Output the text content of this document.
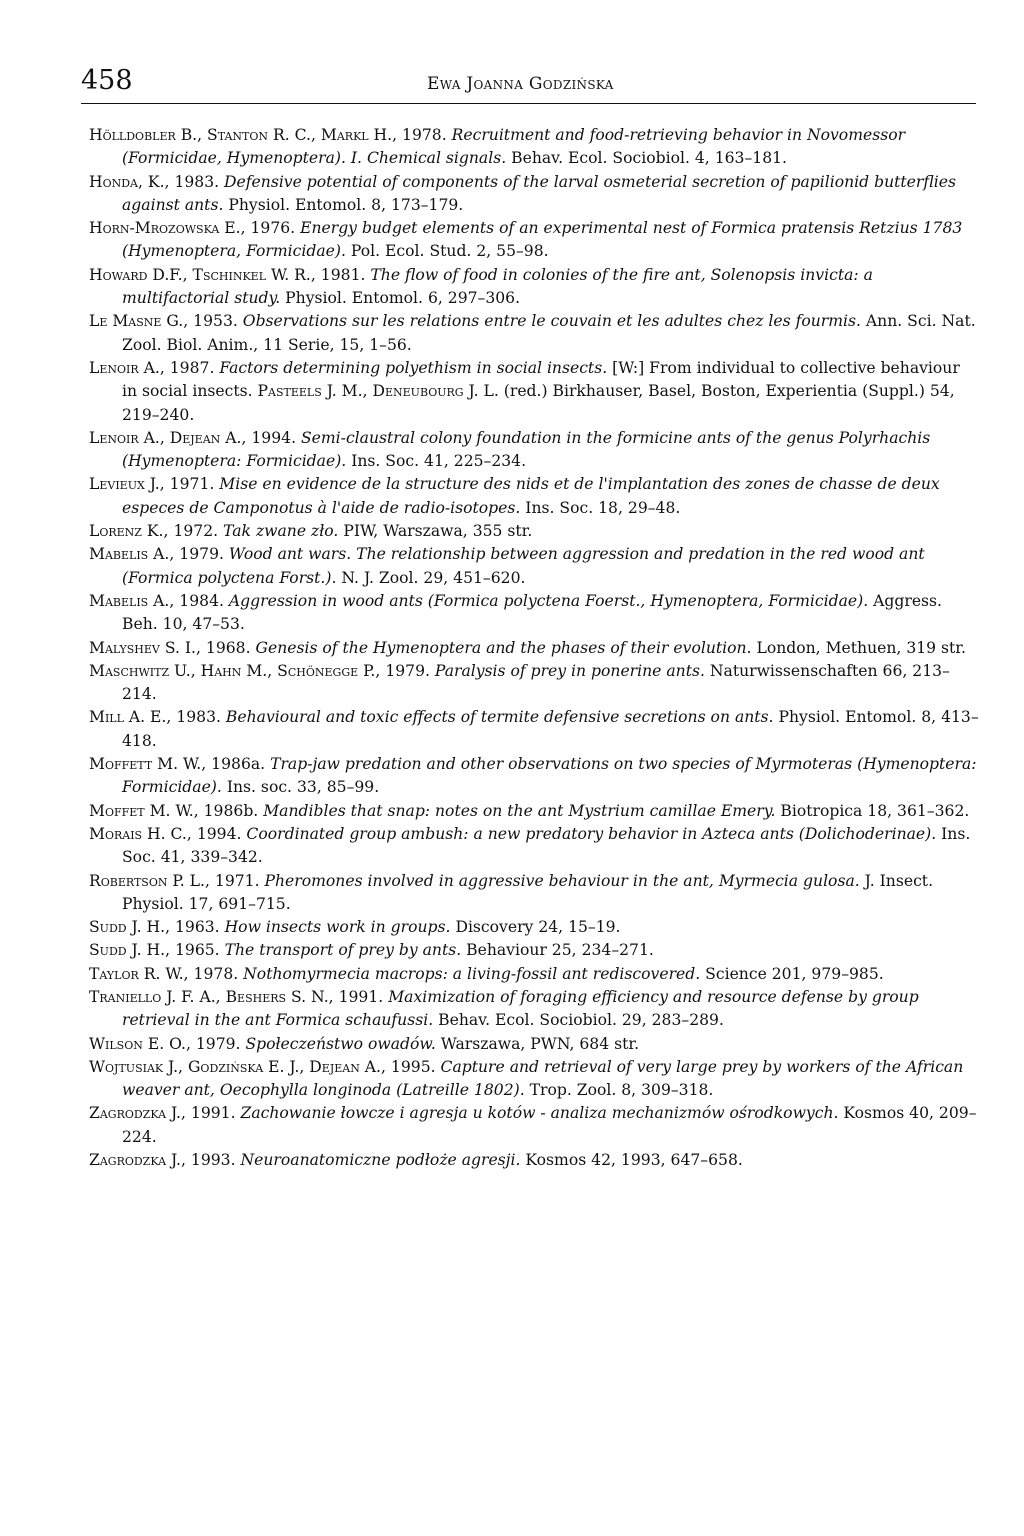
458	Ewa Joanna Godzińska

Hölldobler B., Stanton R. C., Markl H., 1978. Recruitment and food-retrieving behavior in Novomessor (Formicidae, Hymenoptera). I. Chemical signals. Behav. Ecol. Sociobiol. 4, 163–181.

Honda, K., 1983. Defensive potential of components of the larval osmeterial secretion of papilionid butterflies against ants. Physiol. Entomol. 8, 173–179.

Horn-Mrozowska E., 1976. Energy budget elements of an experimental nest of Formica pratensis Retzius 1783 (Hymenoptera, Formicidae). Pol. Ecol. Stud. 2, 55–98.

Howard D.F., Tschinkel W. R., 1981. The flow of food in colonies of the fire ant, Solenopsis invicta: a multifactorial study. Physiol. Entomol. 6, 297–306.

Le Masne G., 1953. Observations sur les relations entre le couvain et les adultes chez les fourmis. Ann. Sci. Nat. Zool. Biol. Anim., 11 Serie, 15, 1–56.

Lenoir A., 1987. Factors determining polyethism in social insects. [W:] From individual to collective behaviour in social insects. Pasteels J. M., Deneubourg J. L. (red.) Birkhauser, Basel, Boston, Experientia (Suppl.) 54, 219–240.

Lenoir A., Dejean A., 1994. Semi-claustral colony foundation in the formicine ants of the genus Polyrhachis (Hymenoptera: Formicidae). Ins. Soc. 41, 225–234.

Levieux J., 1971. Mise en evidence de la structure des nids et de l'implantation des zones de chasse de deux especes de Camponotus à l'aide de radio-isotopes. Ins. Soc. 18, 29–48.

Lorenz K., 1972. Tak zwane zło. PIW, Warszawa, 355 str.

Mabelis A., 1979. Wood ant wars. The relationship between aggression and predation in the red wood ant (Formica polyctena Forst.). N. J. Zool. 29, 451–620.

Mabelis A., 1984. Aggression in wood ants (Formica polyctena Foerst., Hymenoptera, Formicidae). Aggress. Beh. 10, 47–53.

Malyshev S. I., 1968. Genesis of the Hymenoptera and the phases of their evolution. London, Methuen, 319 str.

Maschwitz U., Hahn M., Schönegge P., 1979. Paralysis of prey in ponerine ants. Naturwissenschaften 66, 213–214.

Mill A. E., 1983. Behavioural and toxic effects of termite defensive secretions on ants. Physiol. Entomol. 8, 413–418.

Moffett M. W., 1986a. Trap-jaw predation and other observations on two species of Myrmoteras (Hymenoptera: Formicidae). Ins. soc. 33, 85–99.

Moffet M. W., 1986b. Mandibles that snap: notes on the ant Mystrium camillae Emery. Biotropica 18, 361–362.

Morais H. C., 1994. Coordinated group ambush: a new predatory behavior in Azteca ants (Dolichoderinae). Ins. Soc. 41, 339–342.

Robertson P. L., 1971. Pheromones involved in aggressive behaviour in the ant, Myrmecia gulosa. J. Insect. Physiol. 17, 691–715.

Sudd J. H., 1963. How insects work in groups. Discovery 24, 15–19.

Sudd J. H., 1965. The transport of prey by ants. Behaviour 25, 234–271.

Taylor R. W., 1978. Nothomyrmecia macrops: a living-fossil ant rediscovered. Science 201, 979–985.

Traniello J. F. A., Beshers S. N., 1991. Maximization of foraging efficiency and resource defense by group retrieval in the ant Formica schaufussi. Behav. Ecol. Sociobiol. 29, 283–289.

Wilson E. O., 1979. Społeczeństwo owadów. Warszawa, PWN, 684 str.

Wojtusiak J., Godzińska E. J., Dejean A., 1995. Capture and retrieval of very large prey by workers of the African weaver ant, Oecophylla longinoda (Latreille 1802). Trop. Zool. 8, 309–318.

Zagrodzka J., 1991. Zachowanie łowcze i agresja u kotów - analiza mechanizmów ośrodkowych. Kosmos 40, 209–224.

Zagrodzka J., 1993. Neuroanatomiczne podłoże agresji. Kosmos 42, 1993, 647–658.
